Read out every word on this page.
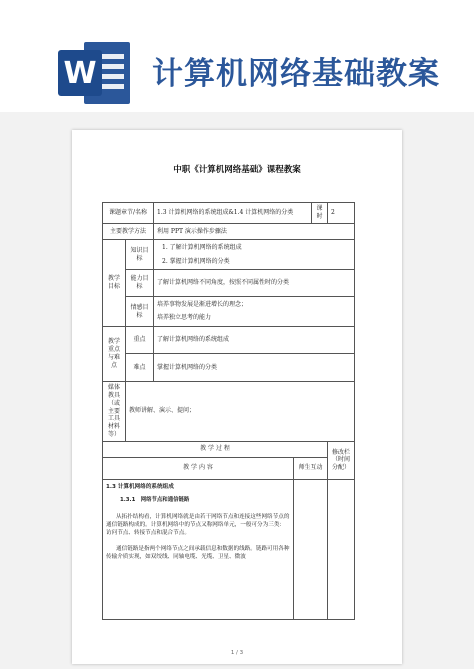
W 计算机网络基础教案
中职《计算机网络基础》课程教案
课题章节/名称		1.3 计算机网络的系统组成&1.4 计算机网络的分类		课时	2
主要教学方法		利用 PPT 演示操作步骤法			
教学目标	知识目标	1. 了解计算机网络的系统组成
2. 掌握计算机网络的分类			

	能力目标	了解计算机网络不同角度，按照不同属性时的分类			
	情感目标	培养事物发展是渐进增长的理念；
培养独立思考的能力			

教学重点与难点	重点	了解计算机网络的系统组成			
	难点	掌握计算机网络的分类			
媒体教具（或主要工具材料等）	教师讲解、演示、提问；				
教 学 过 程					修改栏（时间分配）
教 学 内 容			师生互动		

1.3 计算机网络的系统组成
1.3.1　网络节点和通信链路
从拓扑结构看，计算机网络就是由若干网络节点和连接这些网络节点的通信链路构成的。计算机网络中的节点又称网络单元，一般可分为三类：访问节点、转接节点和混合节点。
通信链路是指两个网络节点之间承载信息和数据的线路。链路可用各种传输介质实现，如双绞线、同轴电缆、光缆、卫星、微波					

1 / 3
